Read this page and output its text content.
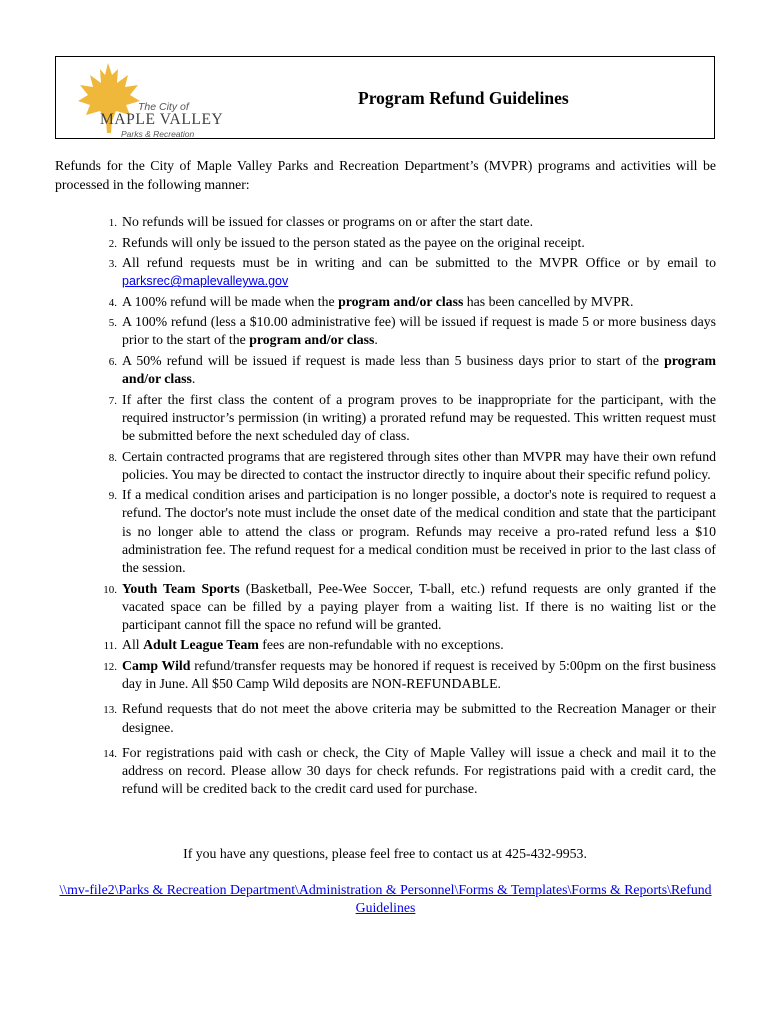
The City of
MAPLE VALLEY
Parks & Recreation
Program Refund Guidelines

Refunds for the City of Maple Valley Parks and Recreation Department’s (MVPR) programs and activities will be processed in the following manner:

1 . No refunds will be issued for classes or programs on or after the start date.
2 . Refunds will only be issued to the person stated as the payee on the original receipt.
3 . All refund requests must be in writing and can be submitted to the MVPR Office or by email to parksrec@maplevalleywa.gov
4 . A 100% refund will be made when the program and/or class has been cancelled by MVPR.
5 . A 100% refund (less a $10.00 administrative fee) will be issued if request is made 5 or more business days prior to the start of the program and/or class.
6 . A 50% refund will be issued if request is made less than 5 business days prior to start of the program and/or class.
7 . If after the first class the content of a program proves to be inappropriate for the participant, with the required instructor’s permission (in writing) a prorated refund may be requested. This written request must be submitted before the next scheduled day of class.
8 . Certain contracted programs that are registered through sites other than MVPR may have their own refund policies. You may be directed to contact the instructor directly to inquire about their specific refund policy.
9 . If a medical condition arises and participation is no longer possible, a doctor's note is required to request a refund. The doctor's note must include the onset date of the medical condition and state that the participant is no longer able to attend the class or program. Refunds may receive a pro-rated refund less a $10 administration fee. The refund request for a medical condition must be received in prior to the last class of the session.
10 . Youth Team Sports (Basketball, Pee-Wee Soccer, T-ball, etc.) refund requests are only granted if the vacated space can be filled by a paying player from a waiting list. If there is no waiting list or the participant cannot fill the space no refund will be granted.
11 . All Adult League Team fees are non-refundable with no exceptions.
12 . Camp Wild refund/transfer requests may be honored if request is received by 5:00pm on the first business day in June. All $50 Camp Wild deposits are NON-REFUNDABLE.
13 . Refund requests that do not meet the above criteria may be submitted to the Recreation Manager or their designee.
14 . For registrations paid with cash or check, the City of Maple Valley will issue a check and mail it to the address on record. Please allow 30 days for check refunds. For registrations paid with a credit card, the refund will be credited back to the credit card used for purchase.
If you have any questions, please feel free to contact us at 425-432-9953.
\\mv-file2\Parks & Recreation Department\Administration & Personnel\Forms & Templates\Forms & Reports\Refund Guidelines
